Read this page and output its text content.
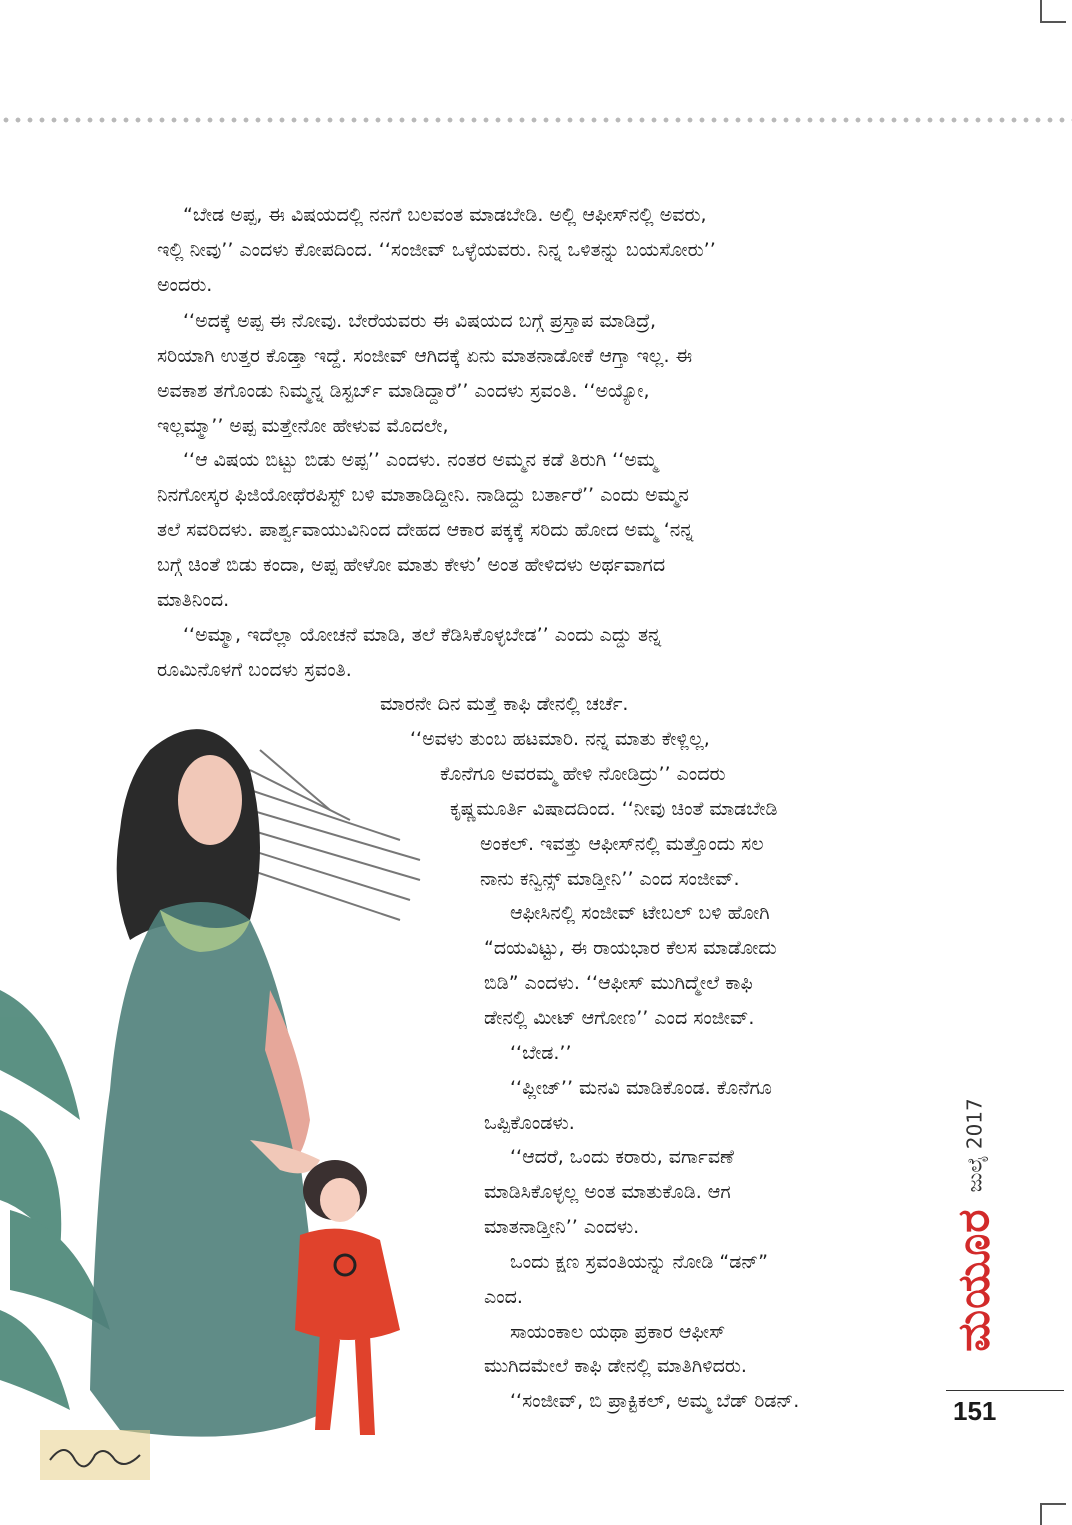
“ಬೇಡ ಅಪ್ಪ, ಈ ವಿಷಯದಲ್ಲಿ ನನಗೆ ಬಲವಂತ ಮಾಡಬೇಡಿ. ಅಲ್ಲಿ ಆಫೀಸ್‌ನಲ್ಲಿ ಅವರು,
ಇಲ್ಲಿ ನೀವು’’ ಎಂದಳು ಕೋಪದಿಂದ. ‘‘ಸಂಜೀವ್ ಒಳ್ಳೆಯವರು. ನಿನ್ನ ಒಳಿತನ್ನು ಬಯಸೋರು’’
ಅಂದರು.
‘‘ಅದಕ್ಕೆ ಅಪ್ಪ ಈ ನೋವು. ಬೇರೆಯವರು ಈ ವಿಷಯದ ಬಗ್ಗೆ ಪ್ರಸ್ತಾಪ ಮಾಡಿದ್ರೆ,
ಸರಿಯಾಗಿ ಉತ್ತರ ಕೊಡ್ತಾ ಇದ್ದೆ. ಸಂಜೀವ್ ಆಗಿದಕ್ಕೆ ಏನು ಮಾತನಾಡೋಕೆ ಆಗ್ತಾ ಇಲ್ಲ. ಈ
ಅವಕಾಶ ತಗೊಂಡು ನಿಮ್ಮನ್ನ ಡಿಸ್ಟರ್ಬ್ ಮಾಡಿದ್ದಾರೆ’’ ಎಂದಳು ಸ್ರವಂತಿ. ‘‘ಅಯ್ಯೋ,
ಇಲ್ಲಮ್ಮಾ’’ ಅಪ್ಪ ಮತ್ತೇನೋ ಹೇಳುವ ಮೊದಲೇ,
‘‘ಆ ವಿಷಯ ಬಿಟ್ಬು ಬಿಡು ಅಪ್ಪ’’ ಎಂದಳು. ನಂತರ ಅಮ್ಮನ ಕಡೆ ತಿರುಗಿ ‘‘ಅಮ್ಮ
ನಿನಗೋಸ್ಕರ ಫಿಜಿಯೋಥೆರಪಿಸ್ಟ್ ಬಳಿ ಮಾತಾಡಿದ್ದೀನಿ. ನಾಡಿದ್ದು ಬರ್ತಾರೆ’’ ಎಂದು ಅಮ್ಮನ
ತಲೆ ಸವರಿದಳು. ಪಾರ್ಶ್ವವಾಯುವಿನಿಂದ ದೇಹದ ಆಕಾರ ಪಕ್ಕಕ್ಕೆ ಸರಿದು ಹೋದ ಅಮ್ಮ ‘ನನ್ನ
ಬಗ್ಗೆ ಚಿಂತೆ ಬಿಡು ಕಂದಾ, ಅಪ್ಪ ಹೇಳೋ ಮಾತು ಕೇಳು’ ಅಂತ ಹೇಳಿದಳು ಅರ್ಥವಾಗದ
ಮಾತಿನಿಂದ.
‘‘ಅಮ್ಮಾ, ಇದೆಲ್ಲಾ ಯೋಚನೆ ಮಾಡಿ, ತಲೆ ಕೆಡಿಸಿಕೊಳ್ಳಬೇಡ’’ ಎಂದು ಎದ್ದು ತನ್ನ
ರೂಮಿನೊಳಗೆ ಬಂದಳು ಸ್ರವಂತಿ.
ಮಾರನೇ ದಿನ ಮತ್ತೆ ಕಾಫಿ ಡೇನಲ್ಲಿ ಚರ್ಚೆ.
‘‘ಅವಳು ತುಂಬ ಹಟಮಾರಿ. ನನ್ನ ಮಾತು ಕೇಳ್ಲಿಲ್ಲ,
ಕೊನೆಗೂ ಅವರಮ್ಮ ಹೇಳಿ ನೋಡಿದ್ರು’’ ಎಂದರು
ಕೃಷ್ಣಮೂರ್ತಿ ವಿಷಾದದಿಂದ. ‘‘ನೀವು ಚಿಂತೆ ಮಾಡಬೇಡಿ
ಅಂಕಲ್. ಇವತ್ತು ಆಫೀಸ್‌ನಲ್ಲಿ ಮತ್ತೊಂದು ಸಲ
ನಾನು ಕನ್ವಿನ್ಸ್ ಮಾಡ್ತೀನಿ’’ ಎಂದ ಸಂಜೀವ್.
ಆಫೀಸಿನಲ್ಲಿ ಸಂಜೀವ್ ಟೇಬಲ್ ಬಳಿ ಹೋಗಿ
“ದಯವಿಟ್ಟು, ಈ ರಾಯಭಾರ ಕೆಲಸ ಮಾಡೋದು
ಬಿಡಿ” ಎಂದಳು. ‘‘ಆಫೀಸ್ ಮುಗಿದ್ಮೇಲೆ ಕಾಫಿ
ಡೇನಲ್ಲಿ ಮೀಟ್ ಆಗೋಣ’’ ಎಂದ ಸಂಜೀವ್.
‘‘ಬೇಡ.’’
‘‘ಪ್ಲೀಜ್’’ ಮನವಿ ಮಾಡಿಕೊಂಡ. ಕೊನೆಗೂ
ಒಪ್ಪಿಕೊಂಡಳು.
‘‘ಆದರೆ, ಒಂದು ಕರಾರು, ವರ್ಗಾವಣೆ
ಮಾಡಿಸಿಕೊಳ್ಳಲ್ಲ ಅಂತ ಮಾತುಕೊಡಿ. ಆಗ
ಮಾತನಾಡ್ತೀನಿ’’ ಎಂದಳು.
ಒಂದು ಕ್ಷಣ ಸ್ರವಂತಿಯನ್ನು ನೋಡಿ “ಡನ್”
ಎಂದ.
ಸಾಯಂಕಾಲ ಯಥಾ ಪ್ರಕಾರ ಆಫೀಸ್
ಮುಗಿದಮೇಲೆ ಕಾಫಿ ಡೇನಲ್ಲಿ ಮಾತಿಗಿಳಿದರು.
‘‘ಸಂಜೀವ್, ಬಿ ಪ್ರಾಕ್ಟಿಕಲ್, ಅಮ್ಮ ಬೆಡ್ ರಿಡನ್.
ಮಯೂರ
ಜುಲೈ 2017
151
